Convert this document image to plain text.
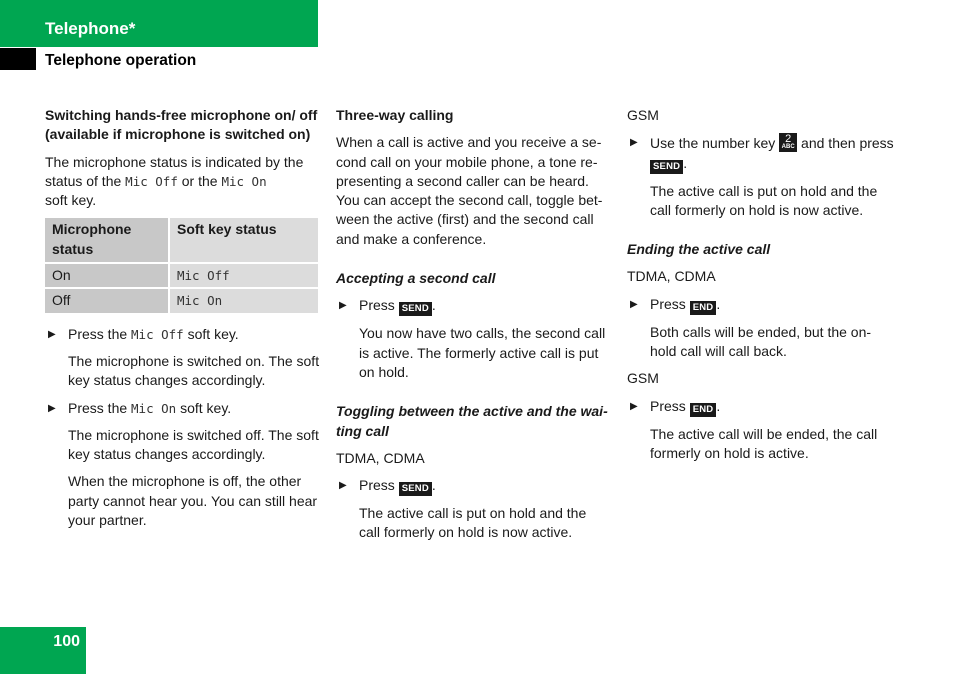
Telephone*
Telephone operation

Switching hands-free microphone on/ off (available if microphone is switched on)

The microphone status is indicated by the status of the Mic Off or the Mic On
soft key.

Microphone status	Soft key status
On	Mic Off
Off	Mic On

▶ Press the Mic Off soft key.

The microphone is switched on. The soft key status changes accordingly.

▶ Press the Mic On soft key.

The microphone is switched off. The soft key status changes accordingly.

When the microphone is off, the other party cannot hear you. You can still hear your partner.

Three-way calling

When a call is active and you receive a se-cond call on your mobile phone, a tone re-presenting a second caller can be heard. You can accept the second call, toggle bet-ween the active (first) and the second call and make a conference.

Accepting a second call

▶ Press SEND .

You now have two calls, the second call is active. The formerly active call is put on hold.

Toggling between the active and the wai-ting call

TDMA, CDMA

▶ Press SEND .

The active call is put on hold and the call formerly on hold is now active.

GSM

▶ Use the number key 2
ABC and then press SEND .

The active call is put on hold and the call formerly on hold is now active.

Ending the active call

TDMA, CDMA

▶ Press END .

Both calls will be ended, but the on-hold call will call back.

GSM

▶ Press END .

The active call will be ended, the call formerly on hold is active.

100
